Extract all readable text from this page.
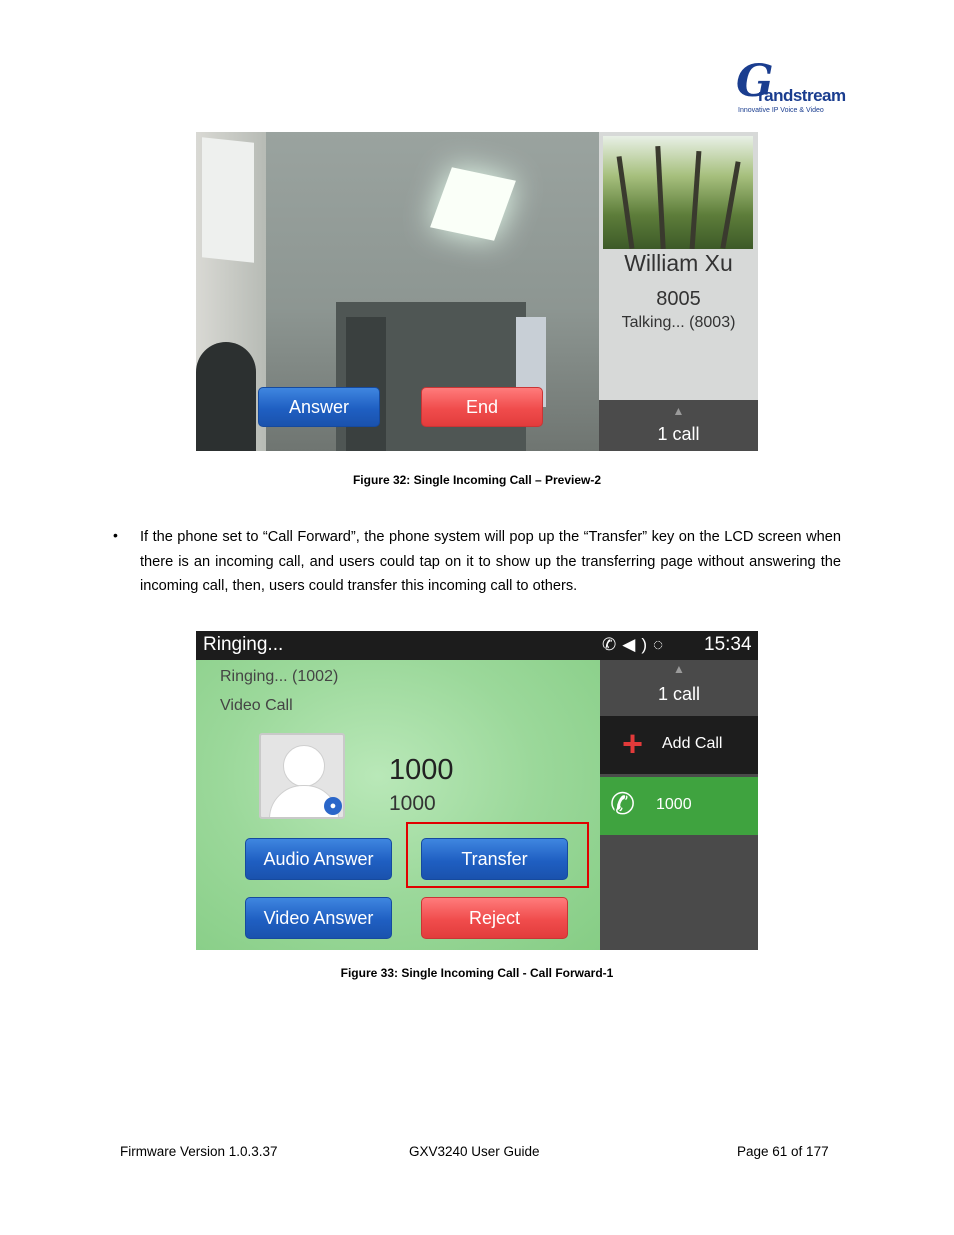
G
randstream
Innovative IP Voice & Video
Answer	End
William Xu
8005
Talking... (8003)
▲
1 call
Figure 32: Single Incoming Call – Preview-2
• If the phone set to “Call Forward”, the phone system will pop up the “Transfer” key on the LCD screen when there is an incoming call, and users could tap on it to show up the transferring page without answering the incoming call, then, users could transfer this incoming call to others.
Ringing...	✆◀)◌ 15:34
Ringing... (1002)
Video Call
●
1000
1000
Audio Answer	Transfer
Video Answer	Reject
▲
1 call
+ Add Call
✆ 1000
Figure 33: Single Incoming Call - Call Forward-1
Firmware Version 1.0.3.37	GXV3240 User Guide	Page 61 of 177
